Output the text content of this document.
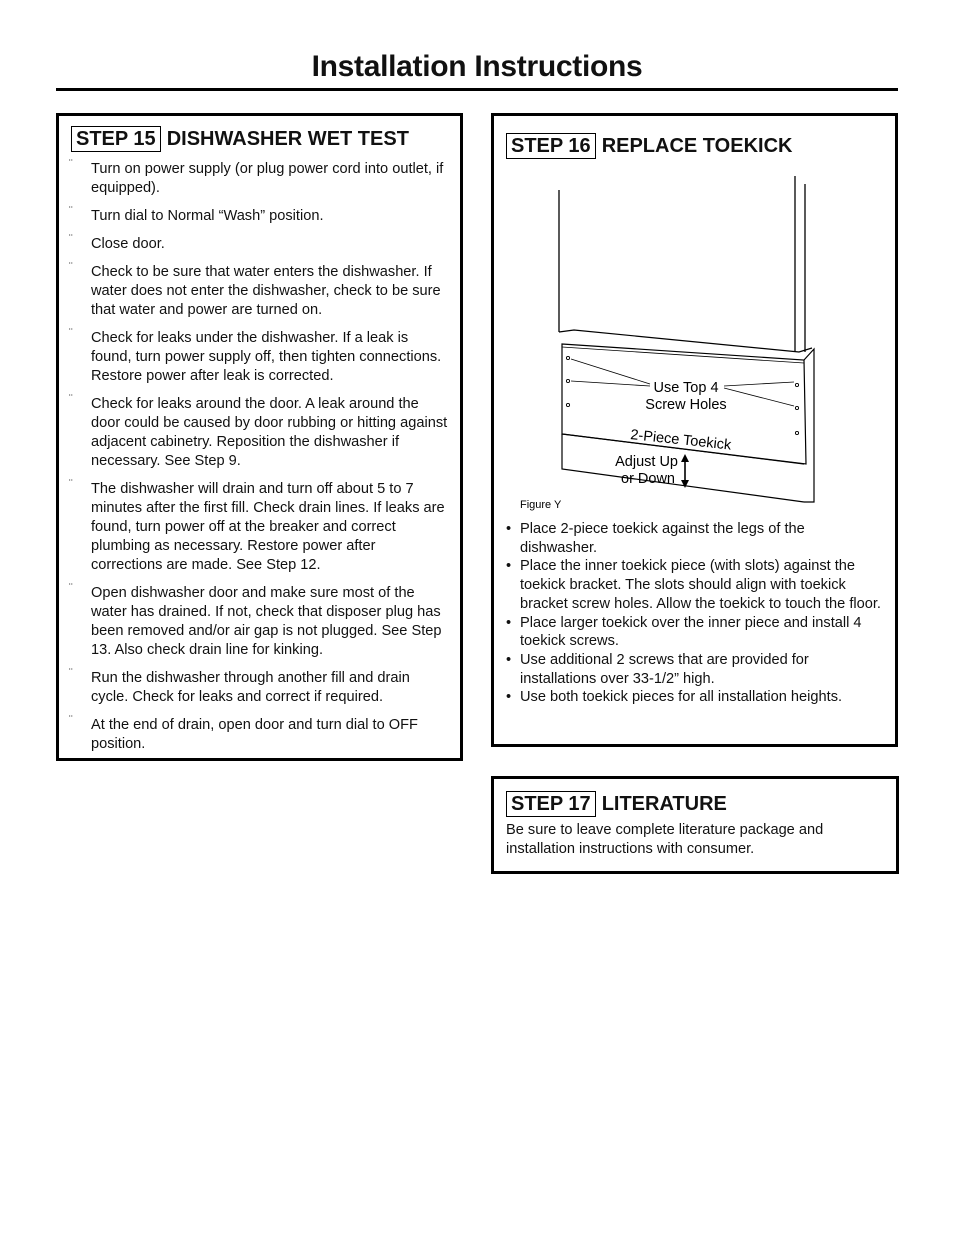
Installation Instructions
STEP 15 DISHWASHER WET TEST
¨ Turn on power supply (or plug power cord into outlet, if equipped).
¨ Turn dial to Normal “Wash” position.
¨ Close door.
¨ Check to be sure that water enters the dishwasher. If water does not enter the dishwasher, check to be sure that water and power are turned on.
¨ Check for leaks under the dishwasher. If a leak is found, turn power supply off, then tighten connections. Restore power after leak is corrected.
¨ Check for leaks around the door. A leak around the door could be caused by door rubbing or hitting against adjacent cabinetry. Reposition the dishwasher if necessary. See Step 9.
¨ The dishwasher will drain and turn off about 5 to 7 minutes after the first fill. Check drain lines. If leaks are found, turn power off at the breaker and correct plumbing as necessary. Restore power after corrections are made. See Step 12.
¨ Open dishwasher door and make sure most of the water has drained. If not, check that disposer plug has been removed and/or air gap is not plugged. See Step 13. Also check drain line for kinking.
¨ Run the dishwasher through another fill and drain cycle. Check for leaks and correct if required.
¨ At the end of drain, open door and turn dial to OFF position.
STEP 16 REPLACE TOEKICK
Use Top 4
Screw Holes
2-Piece Toekick
Adjust Up
or Down
Figure Y
• Place 2-piece toekick against the legs of the dishwasher.
• Place the inner toekick piece (with slots) against the toekick bracket. The slots should align with toekick bracket screw holes. Allow the toekick to touch the floor.
• Place larger toekick over the inner piece and install 4 toekick screws.
• Use additional 2 screws that are provided for installations over 33-1/2” high.
• Use both toekick pieces for all installation heights.
STEP 17 LITERATURE

Be sure to leave complete literature package and installation instructions with consumer.
